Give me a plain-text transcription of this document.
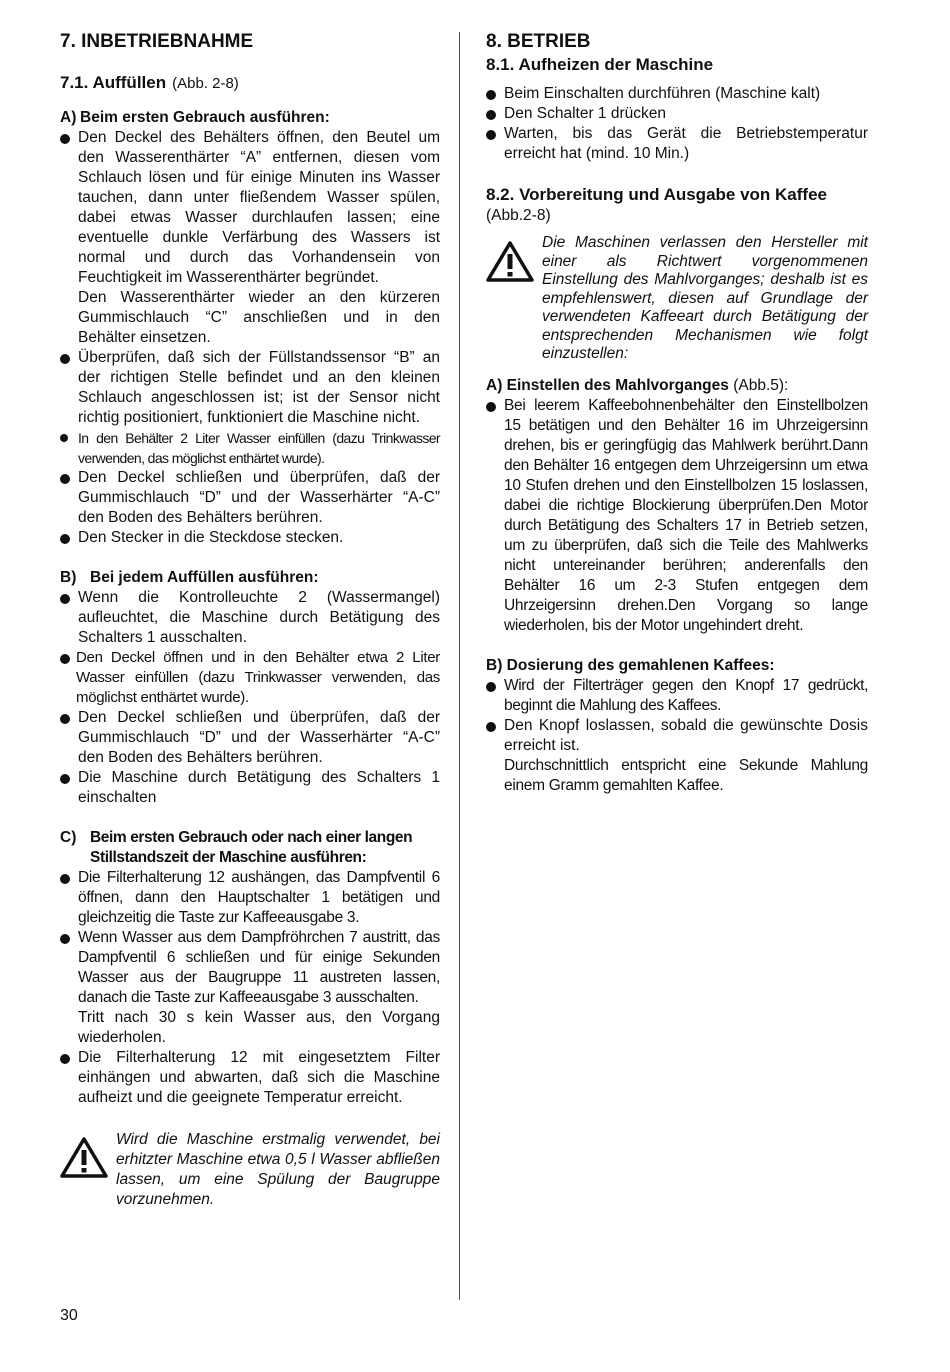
7. INBETRIEBNAHME
7.1. Auffüllen (Abb. 2-8)
A) Beim ersten Gebrauch ausführen:
Den Deckel des Behälters öffnen, den Beutel um den Wasserenthärter “A” entfernen, diesen vom Schlauch lösen und für einige Minuten ins Wasser tauchen, dann unter fließendem Wasser spülen, dabei etwas Wasser durchlaufen lassen; eine eventuelle dunkle Verfärbung des Wassers ist normal und durch das Vorhandensein von Feuchtigkeit im Wasserenthärter begründet.
Den Wasserenthärter wieder an den kürzeren Gummischlauch “C” anschließen und in den Behälter einsetzen.
Überprüfen, daß sich der Füllstandssensor “B” an der richtigen Stelle befindet und an den kleinen Schlauch angeschlossen ist; ist der Sensor nicht richtig positioniert, funktioniert die Maschine nicht.
In den Behälter 2 Liter Wasser einfüllen (dazu Trinkwasser verwenden, das möglichst enthärtet wurde).
Den Deckel schließen und überprüfen, daß der Gummischlauch “D” und der Wasserhärter “A-C” den Boden des Behälters berühren.
Den Stecker in die Steckdose stecken.
B) Bei jedem Auffüllen ausführen:
Wenn die Kontrolleuchte 2 (Wassermangel) aufleuchtet, die Maschine durch Betätigung des Schalters 1 ausschalten.
Den Deckel öffnen und in den Behälter etwa 2 Liter Wasser einfüllen (dazu Trinkwasser verwenden, das möglichst enthärtet wurde).
Den Deckel schließen und überprüfen, daß der Gummischlauch “D” und der Wasserhärter “A-C” den Boden des Behälters berühren.
Die Maschine durch Betätigung des Schalters 1 einschalten
C) Beim ersten Gebrauch oder nach einer langen Stillstandszeit der Maschine ausführen:
Die Filterhalterung 12 aushängen, das Dampfventil 6 öffnen, dann den Hauptschalter 1 betätigen und gleichzeitig die Taste zur Kaffeeausgabe 3.
Wenn Wasser aus dem Dampfröhrchen 7 austritt, das Dampfventil 6 schließen und für einige Sekunden Wasser aus der Baugruppe 11 austreten lassen, danach die Taste zur Kaffeeausgabe 3 ausschalten.
Tritt nach 30 s kein Wasser aus, den Vorgang wiederholen.
Die Filterhalterung 12 mit eingesetztem Filter einhängen und abwarten, daß sich die Maschine aufheizt und die geeignete Temperatur erreicht.
Wird die Maschine erstmalig verwendet, bei erhitzter Maschine etwa 0,5 l Wasser abfließen lassen, um eine Spülung der Baugruppe vorzunehmen.
8. BETRIEB
8.1. Aufheizen der Maschine
Beim Einschalten durchführen (Maschine kalt)
Den Schalter 1 drücken
Warten, bis das Gerät die Betriebstemperatur erreicht hat (mind. 10 Min.)
8.2. Vorbereitung und Ausgabe von Kaffee
(Abb.2-8)
Die Maschinen verlassen den Hersteller mit einer als Richtwert vorgenommenen Einstellung des Mahlvorganges; deshalb ist es empfehlenswert, diesen auf Grundlage der verwendeten Kaffeeart durch Betätigung der entsprechenden Mechanismen wie folgt einzustellen:
A) Einstellen des Mahlvorganges (Abb.5):
Bei leerem Kaffeebohnenbehälter den Einstellbolzen 15 betätigen und den Behälter 16 im Uhrzeigersinn drehen, bis er geringfügig das Mahlwerk berührt.Dann den Behälter 16 entgegen dem Uhrzeigersinn um etwa 10 Stufen drehen und den Einstellbolzen 15 loslassen, dabei die richtige Blockierung überprüfen.Den Motor durch Betätigung des Schalters 17 in Betrieb setzen, um zu überprüfen, daß sich die Teile des Mahlwerks nicht untereinander berühren; anderenfalls den Behälter 16 um 2-3 Stufen entgegen dem Uhrzeigersinn drehen.Den Vorgang so lange wiederholen, bis der Motor ungehindert dreht.
B) Dosierung des gemahlenen Kaffees:
Wird der Filterträger gegen den Knopf 17 gedrückt, beginnt die Mahlung des Kaffees.
Den Knopf loslassen, sobald die gewünschte Dosis erreicht ist.
Durchschnittlich entspricht eine Sekunde Mahlung einem Gramm gemahlten Kaffee.
30
